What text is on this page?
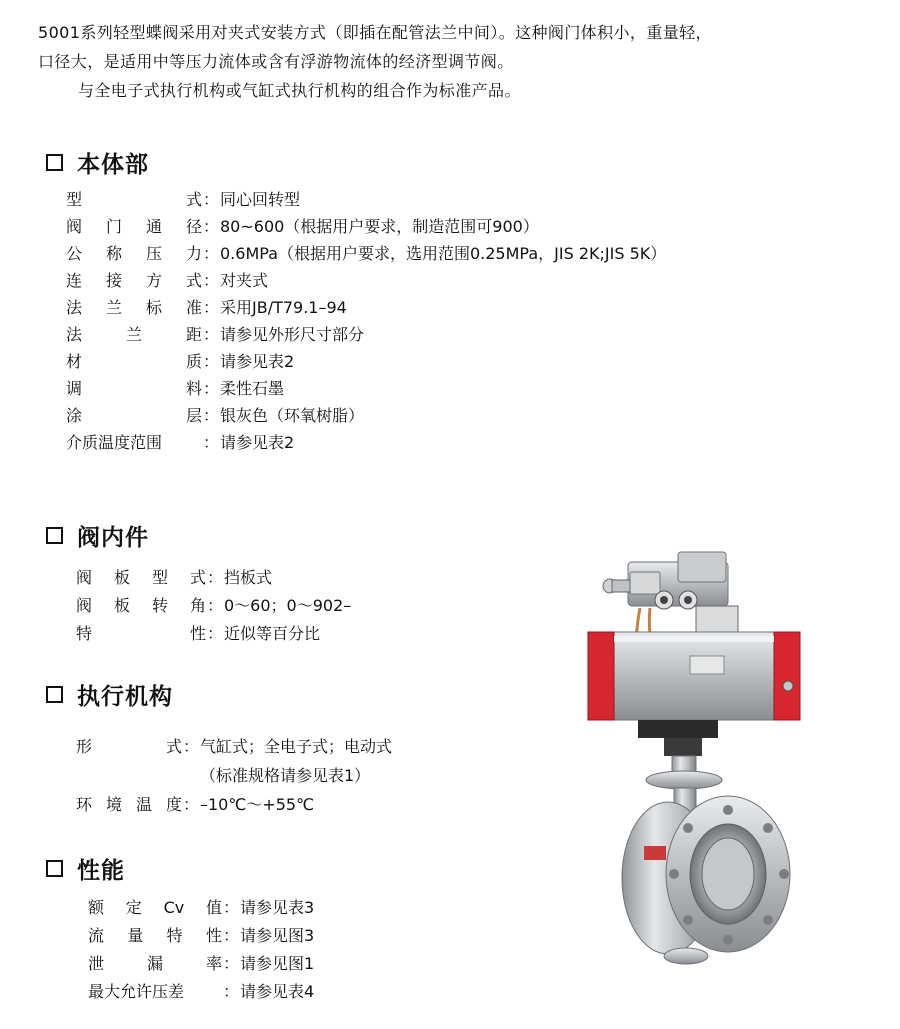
5001系列轻型蝶阀采用对夹式安装方式（即插在配管法兰中间）。这种阀门体积小，重量轻，

口径大，是适用中等压力流体或含有浮游物流体的经济型调节阀。

与全电子式执行机构或气缸式执行机构的组合作为标准产品。

本体部
型	式 ： 同心回转型
阀 门 通 径 ： 80~600（根据用户要求，制造范围可900）
公 称 压 力 ： 0.6MPa（根据用户要求，选用范围0.25MPa，JIS 2K;JIS 5K）
连 接 方 式 ： 对夹式
法 兰 标 准 ： 采用JB/T79.1–94
法	兰	距 ： 请参见外形尺寸部分
材	质 ： 请参见表2
调	料 ： 柔性石墨
涂	层 ： 银灰色（环氧树脂）
介质温度范围	： 请参见表2
阀内件
阀 板 型 式 ： 挡板式
阀 板 转 角 ： 0～60；0～902–
特	性 ： 近似等百分比
执行机构
形	式 ： 气缸式；全电子式；电动式
（标准规格请参见表1）
环 境 温 度 ： –10℃～+55℃
性能
额 定 Cv 值 ： 请参见表3
流 量 特 性 ： 请参见图3
泄	漏	率 ： 请参见图1
最大允许压差 ： 请参见表4
